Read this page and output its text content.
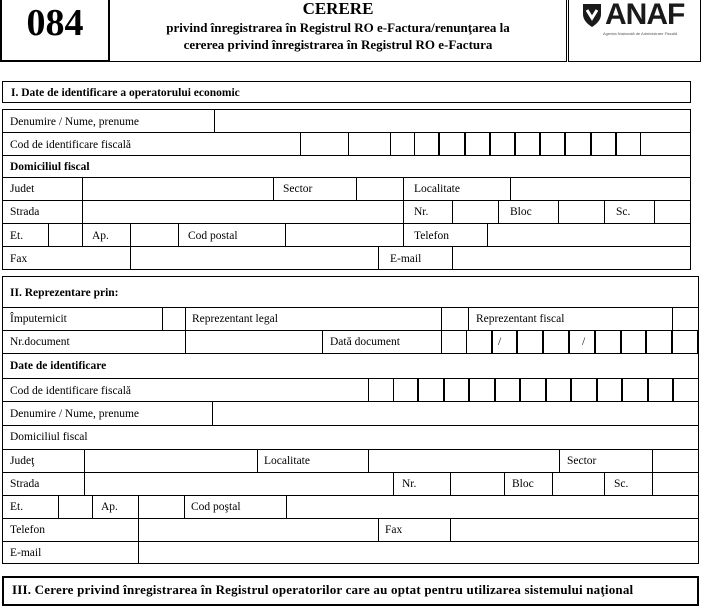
084	CERERE
privind înregistrarea în Registrul RO e-Factura/renunţarea la
cererea privind înregistrarea în Registrul RO e-Factura
ANAF
Agenția Națională de Administrare Fiscală
I. Date de identificare a operatorului economic
Denumire / Nume, prenume
Cod de identificare fiscală
Domiciliul fiscal
Judet	Sector	Localitate
Strada	Nr.	Bloc	Sc.
Et.	Ap.	Cod postal	Telefon
Fax	E-mail
II. Reprezentare prin:
Împuternicit	Reprezentant legal	Reprezentant fiscal
Nr.document	Dată document	/	/
Date de identificare
Cod de identificare fiscală
Denumire / Nume, prenume
Domiciliul fiscal
Judeţ	Localitate	Sector
Strada	Nr.	Bloc	Sc.
Et.	Ap.	Cod poştal
Telefon	Fax
E-mail
III. Cerere privind înregistrarea în Registrul operatorilor care au optat pentru utilizarea sistemului naţional
